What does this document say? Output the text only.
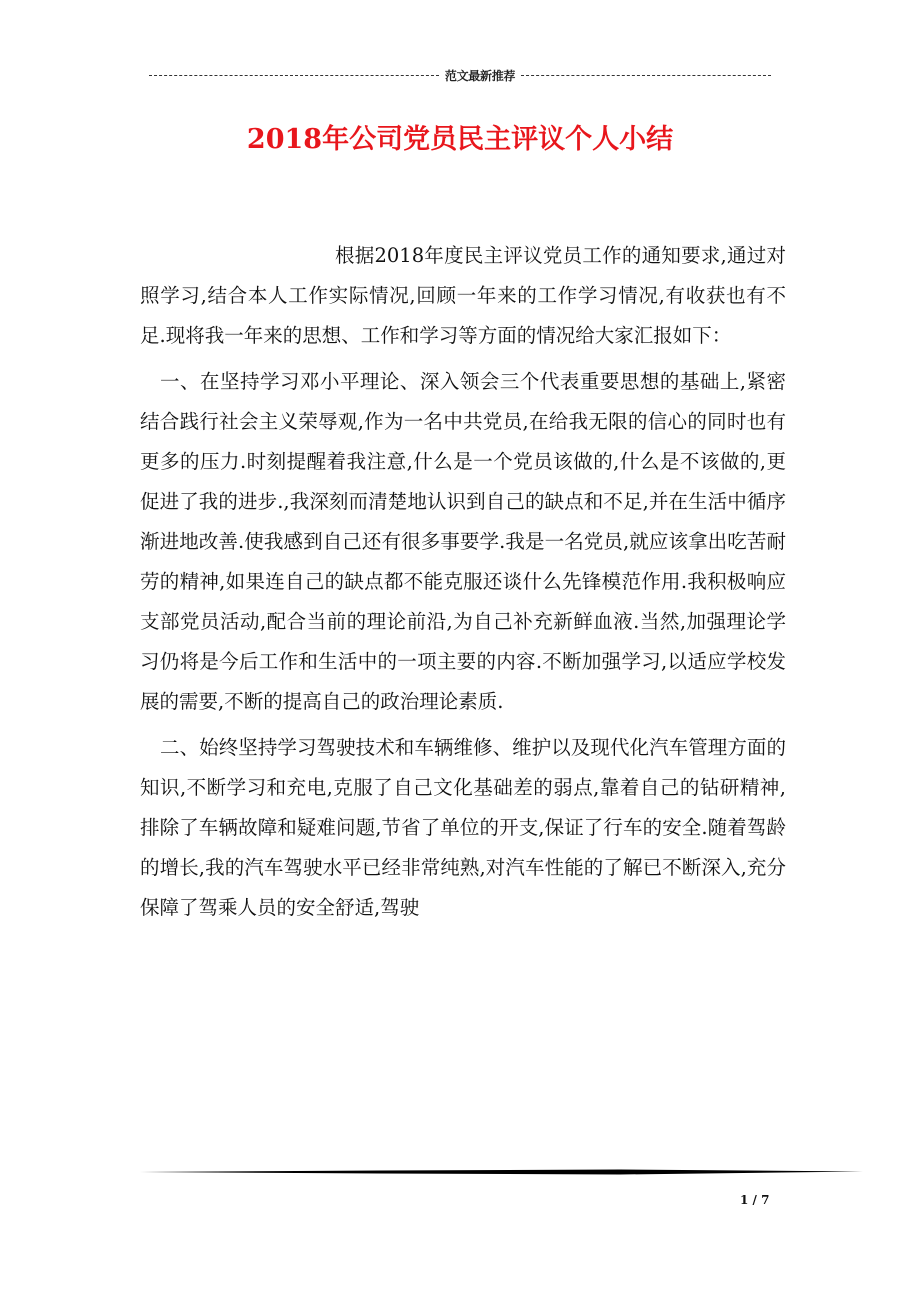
范文最新推荐
2018年公司党员民主评议个人小结

根据2018年度民主评议党员工作的通知要求,通过对照学习,结合本人工作实际情况,回顾一年来的工作学习情况,有收获也有不足.现将我一年来的思想、工作和学习等方面的情况给大家汇报如下：

一、在坚持学习邓小平理论、深入领会三个代表重要思想的基础上,紧密结合践行社会主义荣辱观,作为一名中共党员,在给我无限的信心的同时也有更多的压力.时刻提醒着我注意,什么是一个党员该做的,什么是不该做的,更促进了我的进步.,我深刻而清楚地认识到自己的缺点和不足,并在生活中循序渐进地改善.使我感到自己还有很多事要学.我是一名党员,就应该拿出吃苦耐劳的精神,如果连自己的缺点都不能克服还谈什么先锋模范作用.我积极响应支部党员活动,配合当前的理论前沿,为自己补充新鲜血液.当然,加强理论学习仍将是今后工作和生活中的一项主要的内容.不断加强学习,以适应学校发展的需要,不断的提高自己的政治理论素质.

二、始终坚持学习驾驶技术和车辆维修、维护以及现代化汽车管理方面的知识,不断学习和充电,克服了自己文化基础差的弱点,靠着自己的钻研精神,排除了车辆故障和疑难问题,节省了单位的开支,保证了行车的安全.随着驾龄的增长,我的汽车驾驶水平已经非常纯熟,对汽车性能的了解已不断深入,充分保障了驾乘人员的安全舒适,驾驶

1 / 7
